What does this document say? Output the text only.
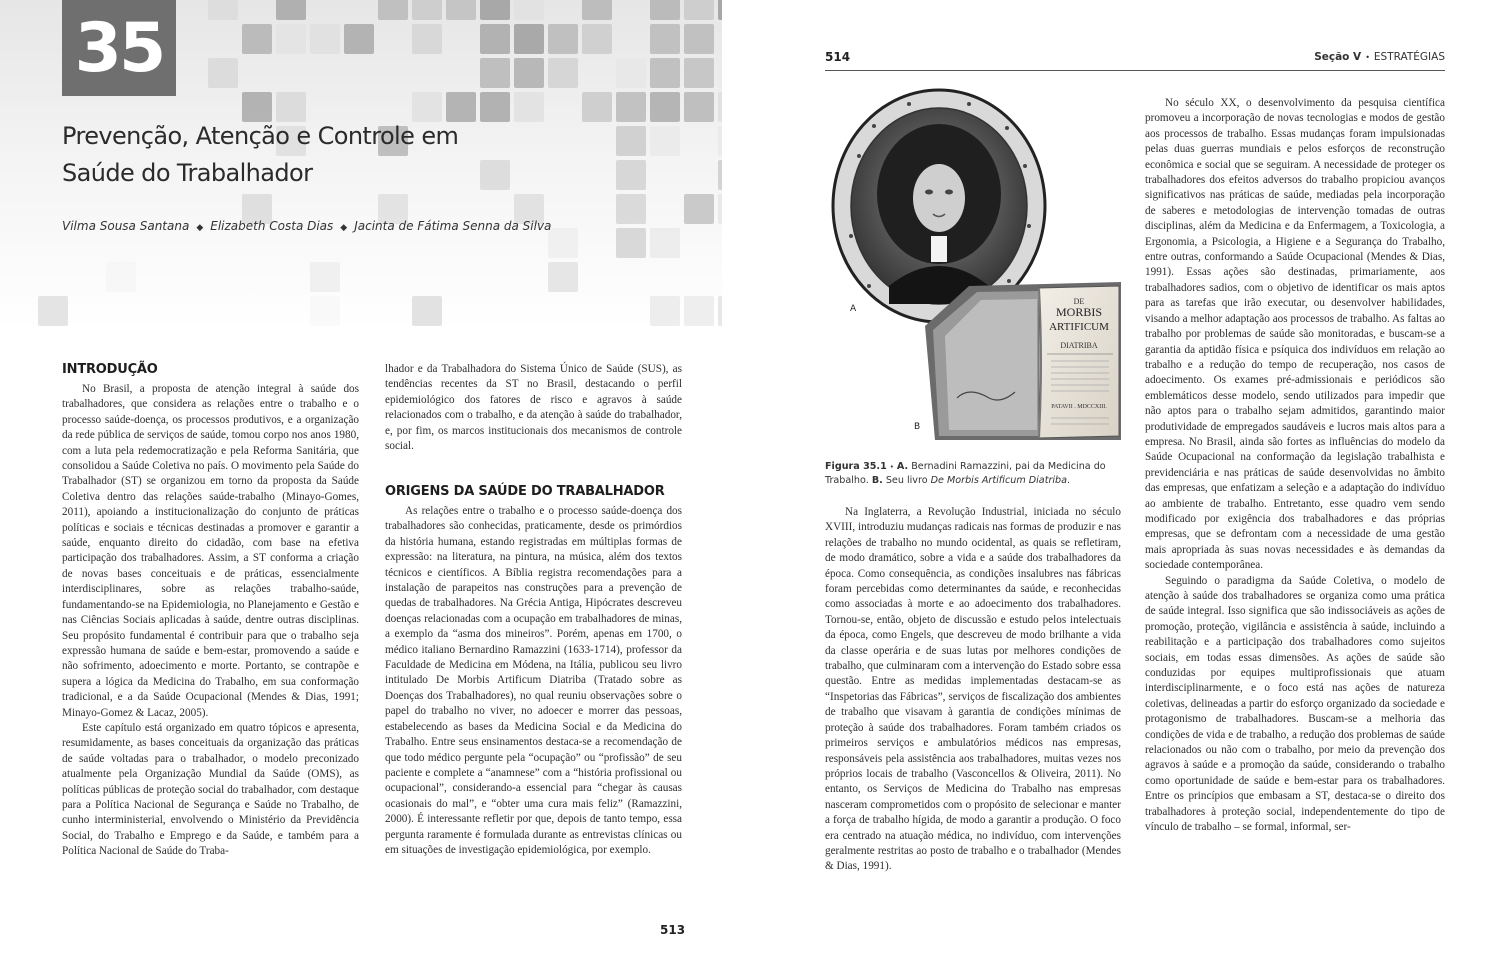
35
Prevenção, Atenção e Controle em
Saúde do Trabalhador
Vilma Sousa Santana ◆ Elizabeth Costa Dias ◆ Jacinta de Fátima Senna da Silva
INTRODUÇÃO

No Brasil, a proposta de atenção integral à saúde dos trabalhadores, que considera as relações entre o trabalho e o processo saúde-doença, os processos produtivos, e a organização da rede pública de serviços de saúde, tomou corpo nos anos 1980, com a luta pela redemocratização e pela Reforma Sanitária, que consolidou a Saúde Coletiva no país. O movimento pela Saúde do Trabalhador (ST) se organizou em torno da proposta da Saúde Coletiva dentro das relações saúde-trabalho (Minayo-Gomes, 2011), apoiando a institucionalização do conjunto de práticas políticas e sociais e técnicas destinadas a promover e garantir a saúde, enquanto direito do cidadão, com base na efetiva participação dos trabalhadores. Assim, a ST conforma a criação de novas bases conceituais e de práticas, essencialmente interdisciplinares, sobre as relações trabalho-saúde, fundamentando-se na Epidemiologia, no Planejamento e Gestão e nas Ciências Sociais aplicadas à saúde, dentre outras disciplinas. Seu propósito fundamental é contribuir para que o trabalho seja expressão humana de saúde e bem-estar, promovendo a saúde e não sofrimento, adoecimento e morte. Portanto, se contrapõe e supera a lógica da Medicina do Trabalho, em sua conformação tradicional, e a da Saúde Ocupacional (Mendes & Dias, 1991; Minayo-Gomez & Lacaz, 2005).

Este capítulo está organizado em quatro tópicos e apresenta, resumidamente, as bases conceituais da organização das práticas de saúde voltadas para o trabalhador, o modelo preconizado atualmente pela Organização Mundial da Saúde (OMS), as políticas públicas de proteção social do trabalhador, com destaque para a Política Nacional de Segurança e Saúde no Trabalho, de cunho interministerial, envolvendo o Ministério da Previdência Social, do Trabalho e Emprego e da Saúde, e também para a Política Nacional de Saúde do Traba-

lhador e da Trabalhadora do Sistema Único de Saúde (SUS), as tendências recentes da ST no Brasil, destacando o perfil epidemiológico dos fatores de risco e agravos à saúde relacionados com o trabalho, e da atenção à saúde do trabalhador, e, por fim, os marcos institucionais dos mecanismos de controle social.

ORIGENS DA SAÚDE DO TRABALHADOR

As relações entre o trabalho e o processo saúde-doença dos trabalhadores são conhecidas, praticamente, desde os primórdios da história humana, estando registradas em múltiplas formas de expressão: na literatura, na pintura, na música, além dos textos técnicos e científicos. A Bíblia registra recomendações para a instalação de parapeitos nas construções para a prevenção de quedas de trabalhadores. Na Grécia Antiga, Hipócrates descreveu doenças relacionadas com a ocupação em trabalhadores de minas, a exemplo da “asma dos mineiros”. Porém, apenas em 1700, o médico italiano Bernardino Ramazzini (1633-1714), professor da Faculdade de Medicina em Módena, na Itália, publicou seu livro intitulado De Morbis Artificum Diatriba (Tratado sobre as Doenças dos Trabalhadores), no qual reuniu observações sobre o papel do trabalho no viver, no adoecer e morrer das pessoas, estabelecendo as bases da Medicina Social e da Medicina do Trabalho. Entre seus ensinamentos destaca-se a recomendação de que todo médico pergunte pela “ocupação” ou “profissão” de seu paciente e complete a “anamnese” com a “história profissional ou ocupacional”, considerando-a essencial para “chegar às causas ocasionais do mal”, e “obter uma cura mais feliz” (Ramazzini, 2000). É interessante refletir por que, depois de tanto tempo, essa pergunta raramente é formulada durante as entrevistas clínicas ou em situações de investigação epidemiológica, por exemplo.

513
514	Seção V • ESTRATÉGIAS
DE
MORBIS
ARTIFICUM
DIATRIBA
PATAVII . MDCCXIII.
A
B
Figura 35.1 • A. Bernadini Ramazzini, pai da Medicina do Trabalho. B. Seu livro De Morbis Artificum Diatriba.

Na Inglaterra, a Revolução Industrial, iniciada no século XVIII, introduziu mudanças radicais nas formas de produzir e nas relações de trabalho no mundo ocidental, as quais se refletiram, de modo dramático, sobre a vida e a saúde dos trabalhadores da época. Como consequência, as condições insalubres nas fábricas foram percebidas como determinantes da saúde, e reconhecidas como associadas à morte e ao adoecimento dos trabalhadores. Tornou-se, então, objeto de discussão e estudo pelos intelectuais da época, como Engels, que descreveu de modo brilhante a vida da classe operária e de suas lutas por melhores condições de trabalho, que culminaram com a intervenção do Estado sobre essa questão. Entre as medidas implementadas destacam-se as “Inspetorias das Fábricas”, serviços de fiscalização dos ambientes de trabalho que visavam à garantia de condições mínimas de proteção à saúde dos trabalhadores. Foram também criados os primeiros serviços e ambulatórios médicos nas empresas, responsáveis pela assistência aos trabalhadores, muitas vezes nos próprios locais de trabalho (Vasconcellos & Oliveira, 2011). No entanto, os Serviços de Medicina do Trabalho nas empresas nasceram comprometidos com o propósito de selecionar e manter a força de trabalho hígida, de modo a garantir a produção. O foco era centrado na atuação médica, no indivíduo, com intervenções geralmente restritas ao posto de trabalho e o trabalhador (Mendes & Dias, 1991).

No século XX, o desenvolvimento da pesquisa científica promoveu a incorporação de novas tecnologias e modos de gestão aos processos de trabalho. Essas mudanças foram impulsionadas pelas duas guerras mundiais e pelos esforços de reconstrução econômica e social que se seguiram. A necessidade de proteger os trabalhadores dos efeitos adversos do trabalho propiciou avanços significativos nas práticas de saúde, mediadas pela incorporação de saberes e metodologias de intervenção tomadas de outras disciplinas, além da Medicina e da Enfermagem, a Toxicologia, a Ergonomia, a Psicologia, a Higiene e a Segurança do Trabalho, entre outras, conformando a Saúde Ocupacional (Mendes & Dias, 1991). Essas ações são destinadas, primariamente, aos trabalhadores sadios, com o objetivo de identificar os mais aptos para as tarefas que irão executar, ou desenvolver habilidades, visando a melhor adaptação aos processos de trabalho. As faltas ao trabalho por problemas de saúde são monitoradas, e buscam-se a garantia da aptidão física e psíquica dos indivíduos em relação ao trabalho e a redução do tempo de recuperação, nos casos de adoecimento. Os exames pré-admissionais e periódicos são emblemáticos desse modelo, sendo utilizados para impedir que não aptos para o trabalho sejam admitidos, garantindo maior produtividade de empregados saudáveis e lucros mais altos para a empresa. No Brasil, ainda são fortes as influências do modelo da Saúde Ocupacional na conformação da legislação trabalhista e previdenciária e nas práticas de saúde desenvolvidas no âmbito das empresas, que enfatizam a seleção e a adaptação do indivíduo ao ambiente de trabalho. Entretanto, esse quadro vem sendo modificado por exigência dos trabalhadores e das próprias empresas, que se defrontam com a necessidade de uma gestão mais apropriada às suas novas necessidades e às demandas da sociedade contemporânea.

Seguindo o paradigma da Saúde Coletiva, o modelo de atenção à saúde dos trabalhadores se organiza como uma prática de saúde integral. Isso significa que são indissociáveis as ações de promoção, proteção, vigilância e assistência à saúde, incluindo a reabilitação e a participação dos trabalhadores como sujeitos sociais, em todas essas dimensões. As ações de saúde são conduzidas por equipes multiprofissionais que atuam interdisciplinarmente, e o foco está nas ações de natureza coletivas, delineadas a partir do esforço organizado da sociedade e protagonismo de trabalhadores. Buscam-se a melhoria das condições de vida e de trabalho, a redução dos problemas de saúde relacionados ou não com o trabalho, por meio da prevenção dos agravos à saúde e a promoção da saúde, considerando o trabalho como oportunidade de saúde e bem-estar para os trabalhadores. Entre os princípios que embasam a ST, destaca-se o direito dos trabalhadores à proteção social, independentemente do tipo de vínculo de trabalho – se formal, informal, ser-
